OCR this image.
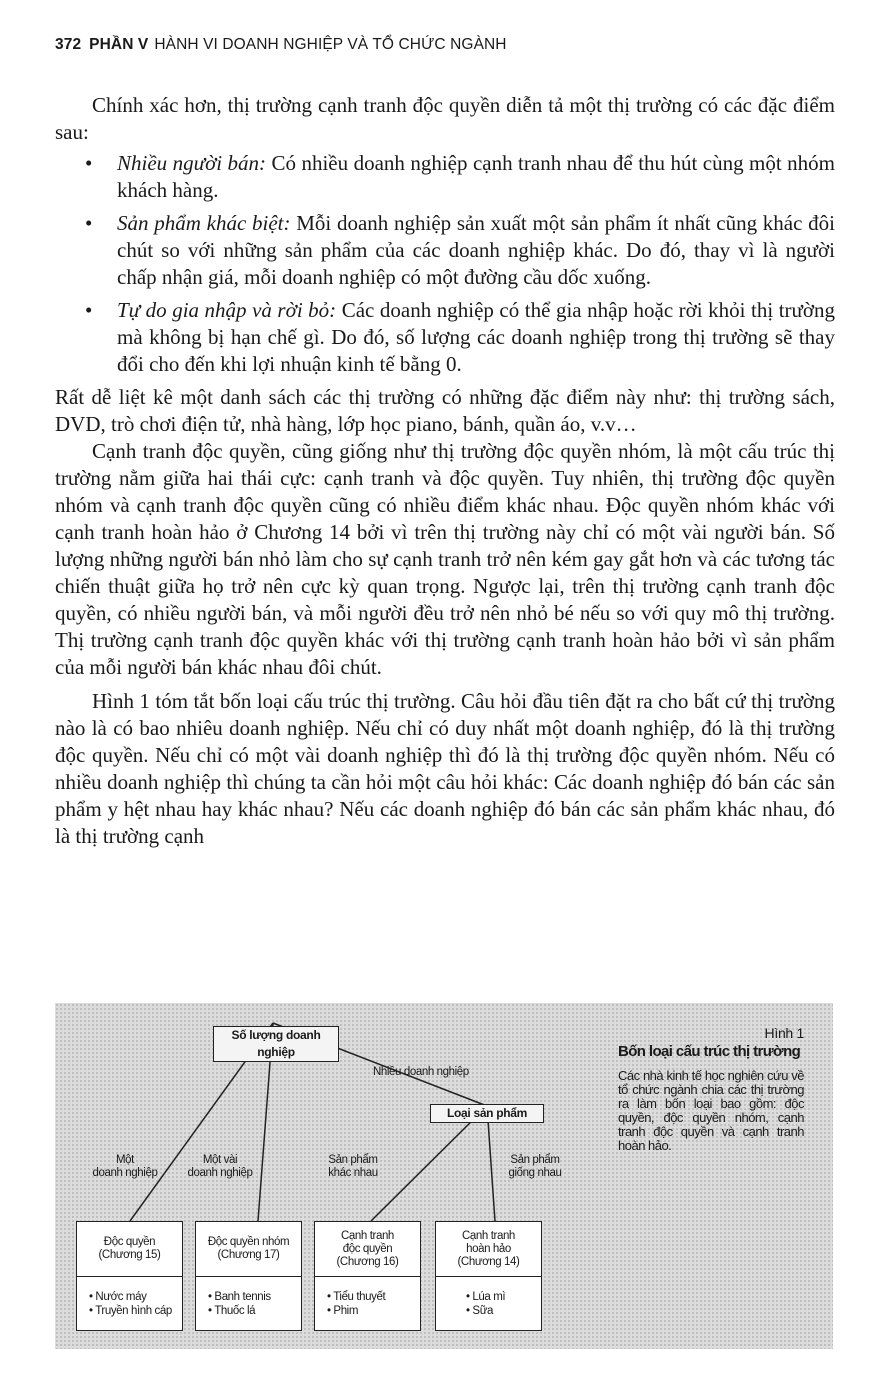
372 PHẦN V HÀNH VI DOANH NGHIỆP VÀ TỔ CHỨC NGÀNH

Chính xác hơn, thị trường cạnh tranh độc quyền diễn tả một thị trường có các đặc điểm sau:

• Nhiều người bán: Có nhiều doanh nghiệp cạnh tranh nhau để thu hút cùng một nhóm khách hàng.
• Sản phẩm khác biệt: Mỗi doanh nghiệp sản xuất một sản phẩm ít nhất cũng khác đôi chút so với những sản phẩm của các doanh nghiệp khác. Do đó, thay vì là người chấp nhận giá, mỗi doanh nghiệp có một đường cầu dốc xuống.
• Tự do gia nhập và rời bỏ: Các doanh nghiệp có thể gia nhập hoặc rời khỏi thị trường mà không bị hạn chế gì. Do đó, số lượng các doanh nghiệp trong thị trường sẽ thay đổi cho đến khi lợi nhuận kinh tế bằng 0.

Rất dễ liệt kê một danh sách các thị trường có những đặc điểm này như: thị trường sách, DVD, trò chơi điện tử, nhà hàng, lớp học piano, bánh, quần áo, v.v…

Cạnh tranh độc quyền, cũng giống như thị trường độc quyền nhóm, là một cấu trúc thị trường nằm giữa hai thái cực: cạnh tranh và độc quyền. Tuy nhiên, thị trường độc quyền nhóm và cạnh tranh độc quyền cũng có nhiều điểm khác nhau. Độc quyền nhóm khác với cạnh tranh hoàn hảo ở Chương 14 bởi vì trên thị trường này chỉ có một vài người bán. Số lượng những người bán nhỏ làm cho sự cạnh tranh trở nên kém gay gắt hơn và các tương tác chiến thuật giữa họ trở nên cực kỳ quan trọng. Ngược lại, trên thị trường cạnh tranh độc quyền, có nhiều người bán, và mỗi người đều trở nên nhỏ bé nếu so với quy mô thị trường. Thị trường cạnh tranh độc quyền khác với thị trường cạnh tranh hoàn hảo bởi vì sản phẩm của mỗi người bán khác nhau đôi chút.

Hình 1 tóm tắt bốn loại cấu trúc thị trường. Câu hỏi đầu tiên đặt ra cho bất cứ thị trường nào là có bao nhiêu doanh nghiệp. Nếu chỉ có duy nhất một doanh nghiệp, đó là thị trường độc quyền. Nếu chỉ có một vài doanh nghiệp thì đó là thị trường độc quyền nhóm. Nếu có nhiều doanh nghiệp thì chúng ta cần hỏi một câu hỏi khác: Các doanh nghiệp đó bán các sản phẩm y hệt nhau hay khác nhau? Nếu các doanh nghiệp đó bán các sản phẩm khác nhau, đó là thị trường cạnh

Số lượng doanh nghiệp
Nhiều doanh nghiệp
Loại sản phẩm
Một
doanh nghiệp
Một vài
doanh nghiệp
Sản phẩm
khác nhau
Sản phẩm
giống nhau
Độc quyền
(Chương 15)
• Nước máy
• Truyền hình cáp
Độc quyền nhóm
(Chương 17)
• Banh tennis
• Thuốc lá
Cạnh tranh
độc quyền
(Chương 16)
• Tiểu thuyết
• Phim
Cạnh tranh
hoàn hảo
(Chương 14)
• Lúa mì
• Sữa
Hình 1
Bốn loại cấu trúc thị trường
Các nhà kinh tế học nghiên cứu về tổ chức ngành chia các thị trường ra làm bốn loại bao gồm: độc quyền, độc quyền nhóm, cạnh tranh độc quyền và cạnh tranh hoàn hảo.
